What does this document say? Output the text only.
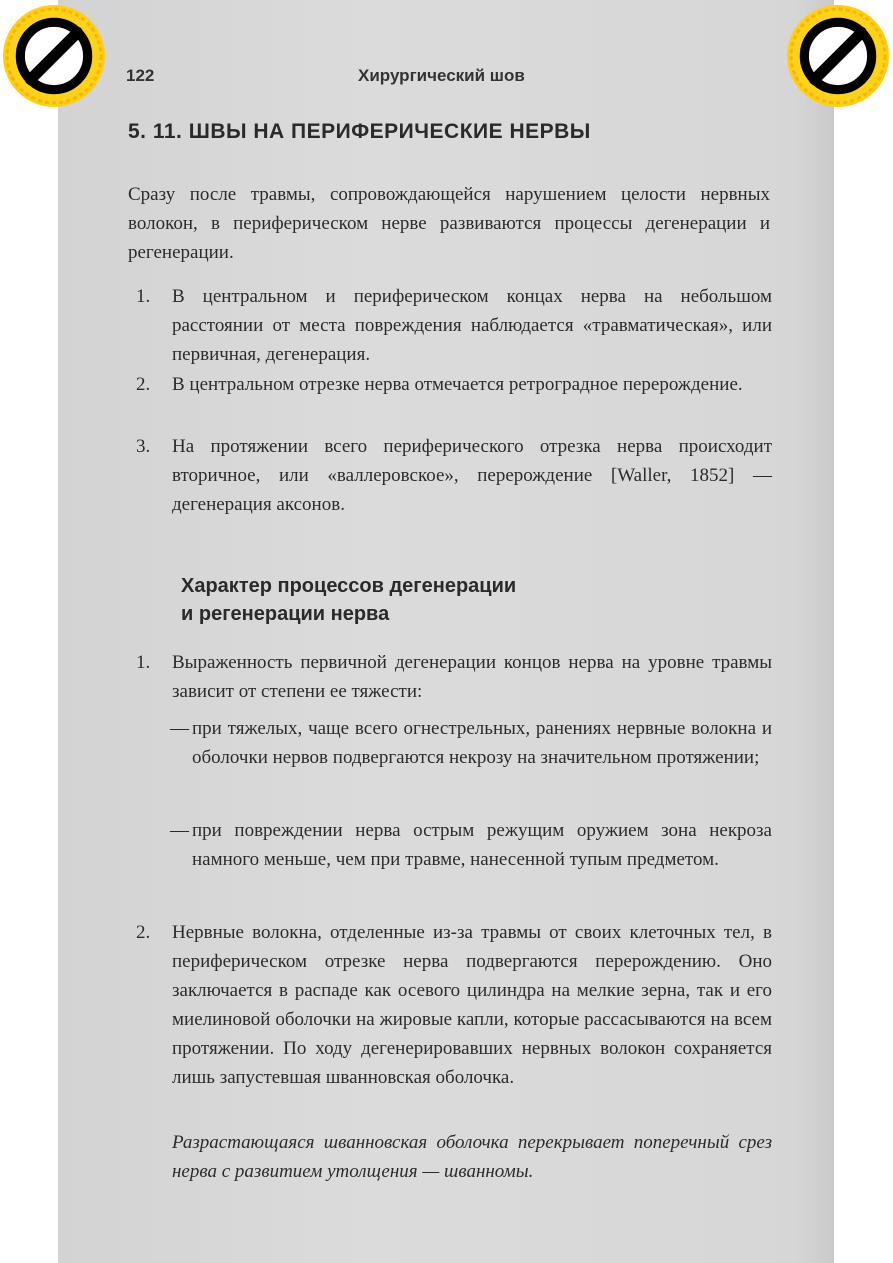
122	Хирургический шов
5. 11. ШВЫ НА ПЕРИФЕРИЧЕСКИЕ НЕРВЫ

Сразу после травмы, сопровождающейся нарушением целости нервных волокон, в периферическом нерве развиваются процессы дегенерации и регенерации.

1.	В центральном и периферическом концах нерва на небольшом расстоянии от места повреждения наблюдается «травматическая», или первичная, дегенерация.
2.	В центральном отрезке нерва отмечается ретроградное перерождение.
3.	На протяжении всего периферического отрезка нерва происходит вторичное, или «валлеровское», перерождение [Waller, 1852] — дегенерация аксонов.
Характер процессов дегенерации
и регенерации нерва
1.	Выраженность первичной дегенерации концов нерва на уровне травмы зависит от степени ее тяжести:
— при тяжелых, чаще всего огнестрельных, ранениях нервные волокна и оболочки нервов подвергаются некрозу на значительном протяжении;
— при повреждении нерва острым режущим оружием зона некроза намного меньше, чем при травме, нанесенной тупым предметом.
2.	Нервные волокна, отделенные из-за травмы от своих клеточных тел, в периферическом отрезке нерва подвергаются перерождению. Оно заключается в распаде как осевого цилиндра на мелкие зерна, так и его миелиновой оболочки на жировые капли, которые рассасываются на всем протяжении. По ходу дегенерировавших нервных волокон сохраняется лишь запустевшая шванновская оболочка.

Разрастающаяся шванновская оболочка перекрывает поперечный срез нерва с развитием утолщения — шванномы.
